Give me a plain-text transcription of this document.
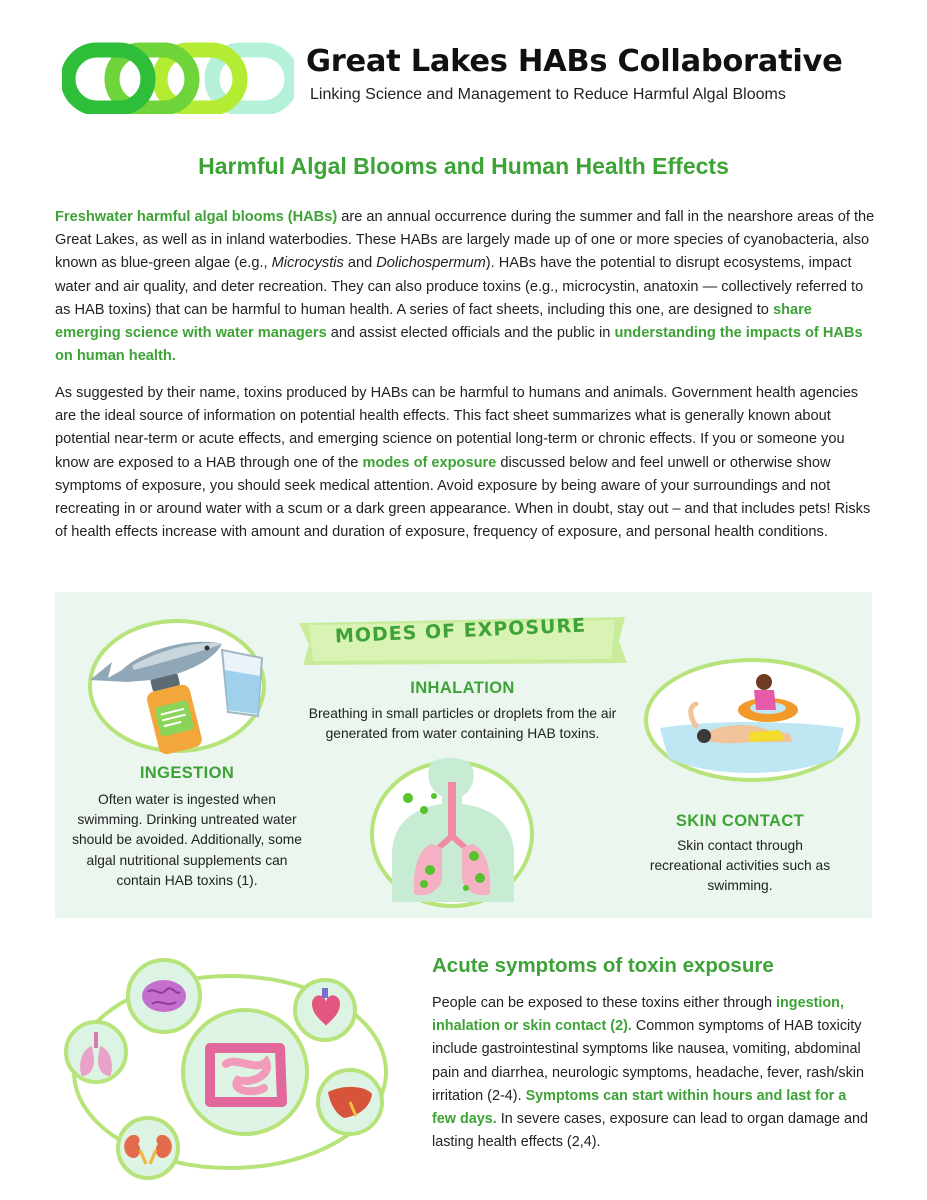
Great Lakes HABs Collaborative
Linking Science and Management to Reduce Harmful Algal Blooms
Harmful Algal Blooms and Human Health Effects

Freshwater harmful algal blooms (HABs) are an annual occurrence during the summer and fall in the nearshore areas of the Great Lakes, as well as in inland waterbodies. These HABs are largely made up of one or more species of cyanobacteria, also known as blue-green algae (e.g., Microcystis and Dolichospermum). HABs have the potential to disrupt ecosystems, impact water and air quality, and deter recreation. They can also produce toxins (e.g., microcystin, anatoxin — collectively referred to as HAB toxins) that can be harmful to human health. A series of fact sheets, including this one, are designed to share emerging science with water managers and assist elected officials and the public in understanding the impacts of HABs on human health.

As suggested by their name, toxins produced by HABs can be harmful to humans and animals. Government health agencies are the ideal source of information on potential health effects. This fact sheet summarizes what is generally known about potential near-term or acute effects, and emerging science on potential long-term or chronic effects. If you or someone you know are exposed to a HAB through one of the modes of exposure discussed below and feel unwell or otherwise show symptoms of exposure, you should seek medical attention. Avoid exposure by being aware of your surroundings and not recreating in or around water with a scum or a dark green appearance. When in doubt, stay out – and that includes pets! Risks of health effects increase with amount and duration of exposure, frequency of exposure, and personal health conditions.

MODES OF EXPOSURE
INHALATION
Breathing in small particles or droplets from the air generated from water containing HAB toxins.
INGESTION
Often water is ingested when swimming. Drinking untreated water should be avoided. Additionally, some algal nutritional supplements can contain HAB toxins (1).
SKIN CONTACT
Skin contact through recreational activities such as swimming.
Acute symptoms of toxin exposure

People can be exposed to these toxins either through ingestion, inhalation or skin contact (2). Common symptoms of HAB toxicity include gastrointestinal symptoms like nausea, vomiting, abdominal pain and diarrhea, neurologic symptoms, headache, fever, rash/skin irritation (2-4). Symptoms can start within hours and last for a few days. In severe cases, exposure can lead to organ damage and lasting health effects (2,4).
